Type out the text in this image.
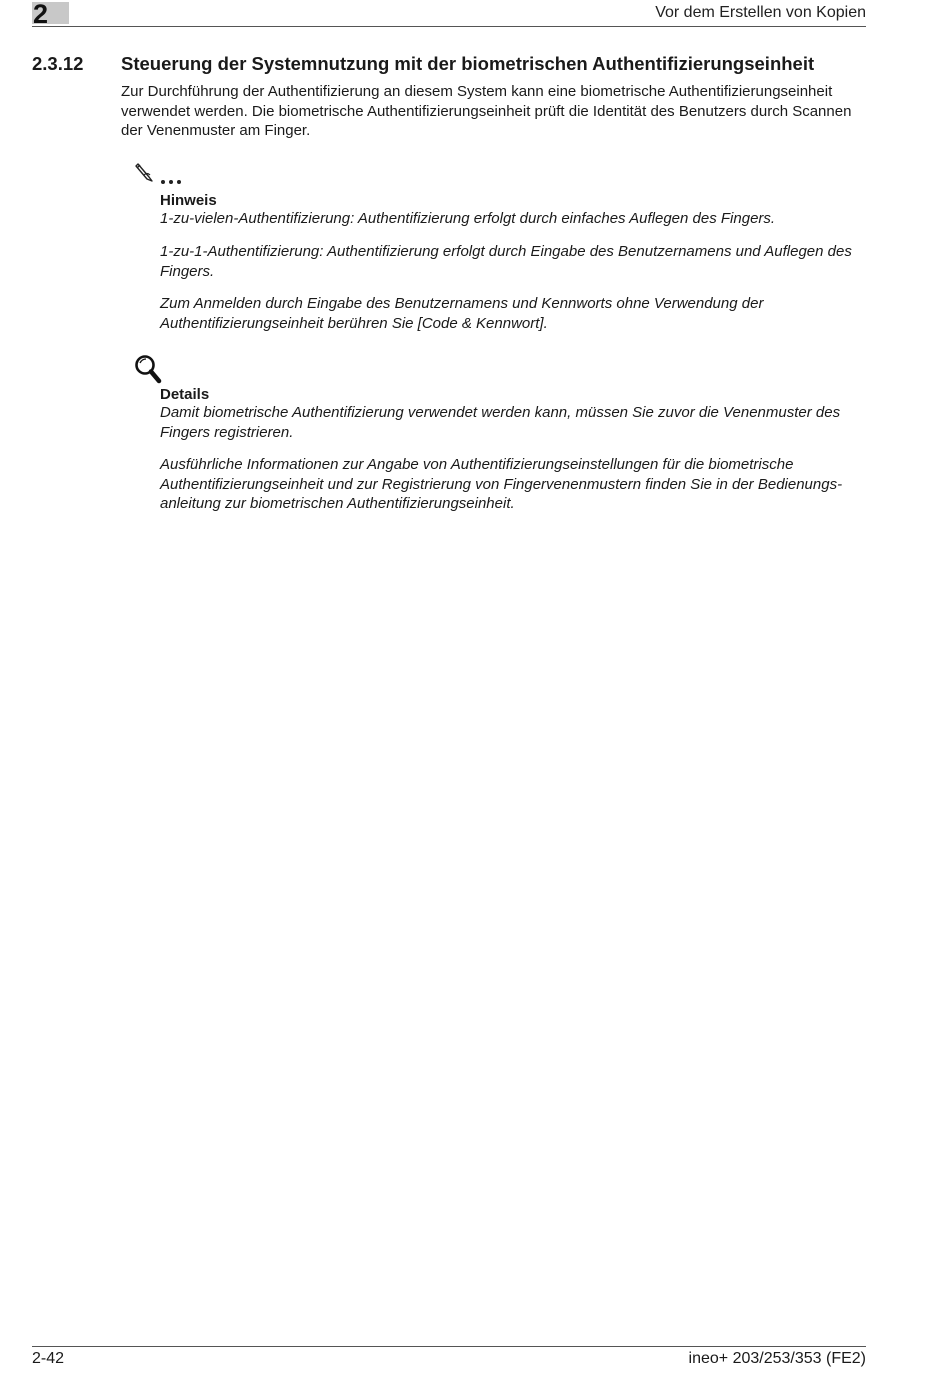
2	Vor dem Erstellen von Kopien
2.3.12 Steuerung der Systemnutzung mit der biometrischen Authentifizierungseinheit

Zur Durchführung der Authentifizierung an diesem System kann eine biometrische Authentifizierungseinheit verwendet werden. Die biometrische Authentifizierungseinheit prüft die Identität des Benutzers durch Scannen der Venenmuster am Finger.

Hinweis

1-zu-vielen-Authentifizierung: Authentifizierung erfolgt durch einfaches Auflegen des Fingers.

1-zu-1-Authentifizierung: Authentifizierung erfolgt durch Eingabe des Benutzernamens und Auflegen des Fingers.

Zum Anmelden durch Eingabe des Benutzernamens und Kennworts ohne Verwendung der Authentifizierungseinheit berühren Sie [Code & Kennwort].

Details

Damit biometrische Authentifizierung verwendet werden kann, müssen Sie zuvor die Venenmuster des Fingers registrieren.

Ausführliche Informationen zur Angabe von Authentifizierungseinstellungen für die biometrische Authentifizierungseinheit und zur Registrierung von Fingervenenmustern finden Sie in der Bedienungs-anleitung zur biometrischen Authentifizierungseinheit.

2-42	ineo+ 203/253/353 (FE2)
